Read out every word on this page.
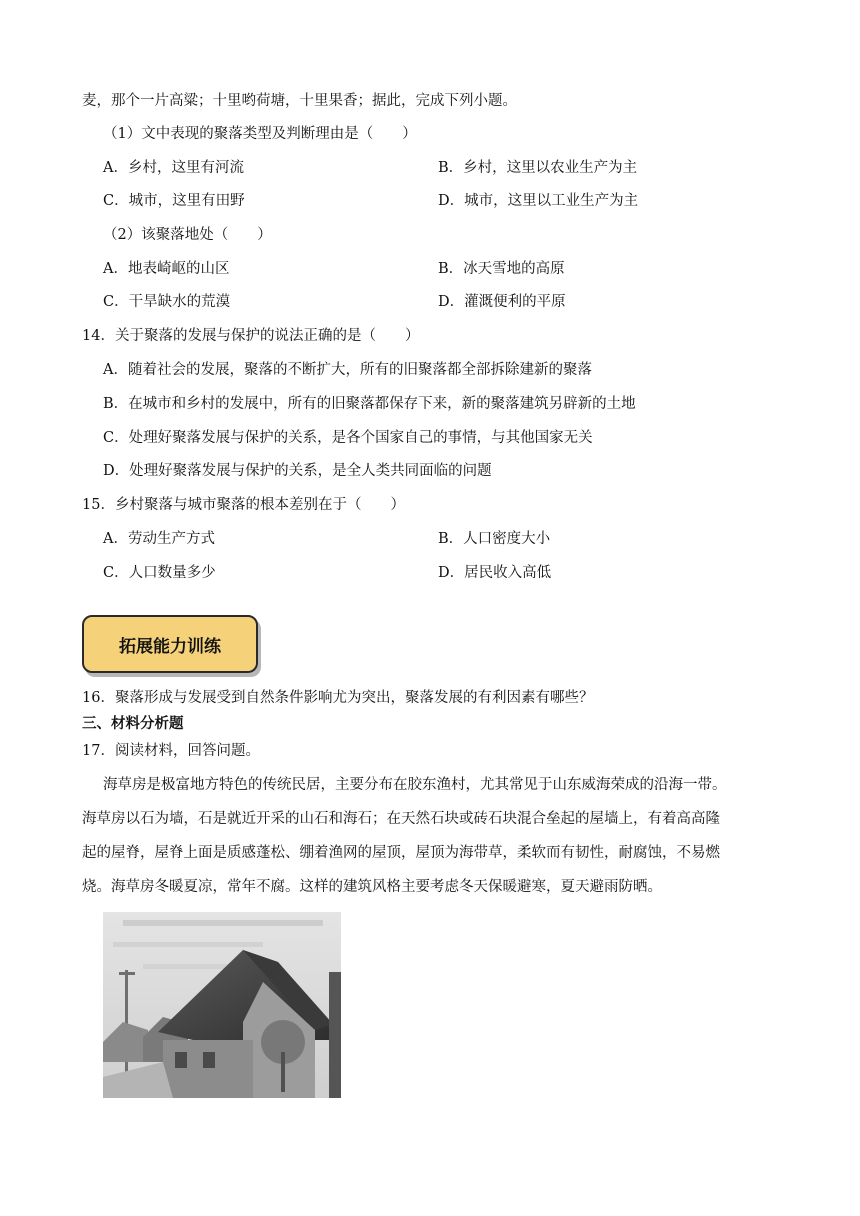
麦，那个一片高粱；十里哟荷塘，十里果香；据此，完成下列小题。
（1）文中表现的聚落类型及判断理由是（　　）
A．乡村，这里有河流	B．乡村，这里以农业生产为主
C．城市，这里有田野	D．城市，这里以工业生产为主
（2）该聚落地处（　　）
A．地表崎岖的山区	B．冰天雪地的高原
C．干旱缺水的荒漠	D．灌溉便利的平原
14．关于聚落的发展与保护的说法正确的是（　　）
A．随着社会的发展，聚落的不断扩大，所有的旧聚落都全部拆除建新的聚落
B．在城市和乡村的发展中，所有的旧聚落都保存下来，新的聚落建筑另辟新的土地
C．处理好聚落发展与保护的关系，是各个国家自己的事情，与其他国家无关
D．处理好聚落发展与保护的关系，是全人类共同面临的问题
15．乡村聚落与城市聚落的根本差别在于（　　）
A．劳动生产方式	B．人口密度大小
C．人口数量多少	D．居民收入高低
拓展能力训练
16．聚落形成与发展受到自然条件影响尤为突出，聚落发展的有利因素有哪些？
三、材料分析题
17．阅读材料，回答问题。
海草房是极富地方特色的传统民居，主要分布在胶东渔村，尤其常见于山东威海荣成的沿海一带。
海草房以石为墙，石是就近开采的山石和海石；在天然石块或砖石块混合垒起的屋墙上，有着高高隆
起的屋脊，屋脊上面是质感蓬松、绷着渔网的屋顶，屋顶为海带草，柔软而有韧性，耐腐蚀，不易燃
烧。海草房冬暖夏凉，常年不腐。这样的建筑风格主要考虑冬天保暖避寒，夏天避雨防晒。
